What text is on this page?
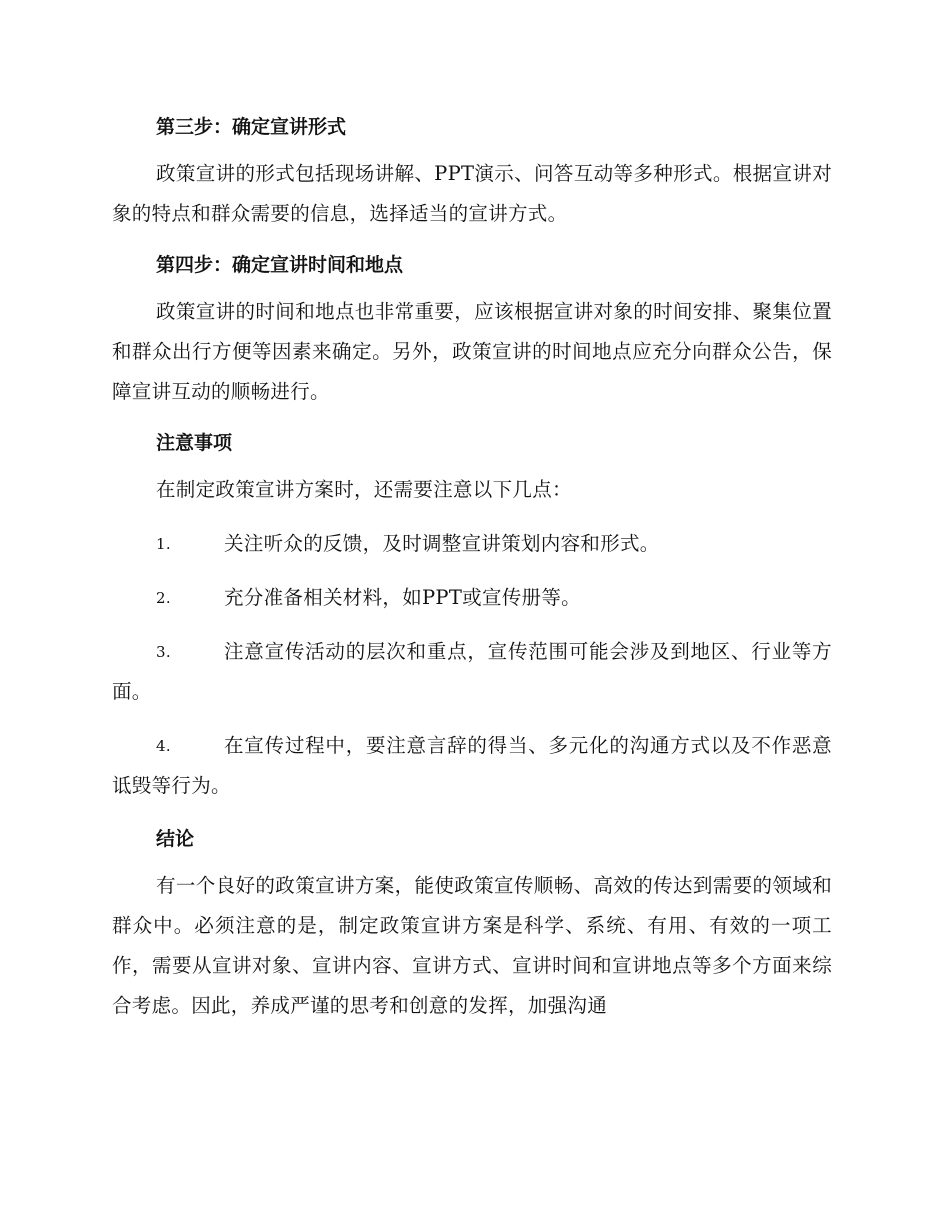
第三步：确定宣讲形式
政策宣讲的形式包括现场讲解、PPT演示、问答互动等多种形式。根据宣讲对象的特点和群众需要的信息，选择适当的宣讲方式。
第四步：确定宣讲时间和地点
政策宣讲的时间和地点也非常重要，应该根据宣讲对象的时间安排、聚集位置和群众出行方便等因素来确定。另外，政策宣讲的时间地点应充分向群众公告，保障宣讲互动的顺畅进行。
注意事项
在制定政策宣讲方案时，还需要注意以下几点：
1.	关注听众的反馈，及时调整宣讲策划内容和形式。
2.	充分准备相关材料，如PPT或宣传册等。
3.	注意宣传活动的层次和重点，宣传范围可能会涉及到地区、行业等方面。
4.	在宣传过程中，要注意言辞的得当、多元化的沟通方式以及不作恶意诋毁等行为。
结论
有一个良好的政策宣讲方案，能使政策宣传顺畅、高效的传达到需要的领域和群众中。必须注意的是，制定政策宣讲方案是科学、系统、有用、有效的一项工作，需要从宣讲对象、宣讲内容、宣讲方式、宣讲时间和宣讲地点等多个方面来综合考虑。因此，养成严谨的思考和创意的发挥，加强沟通
